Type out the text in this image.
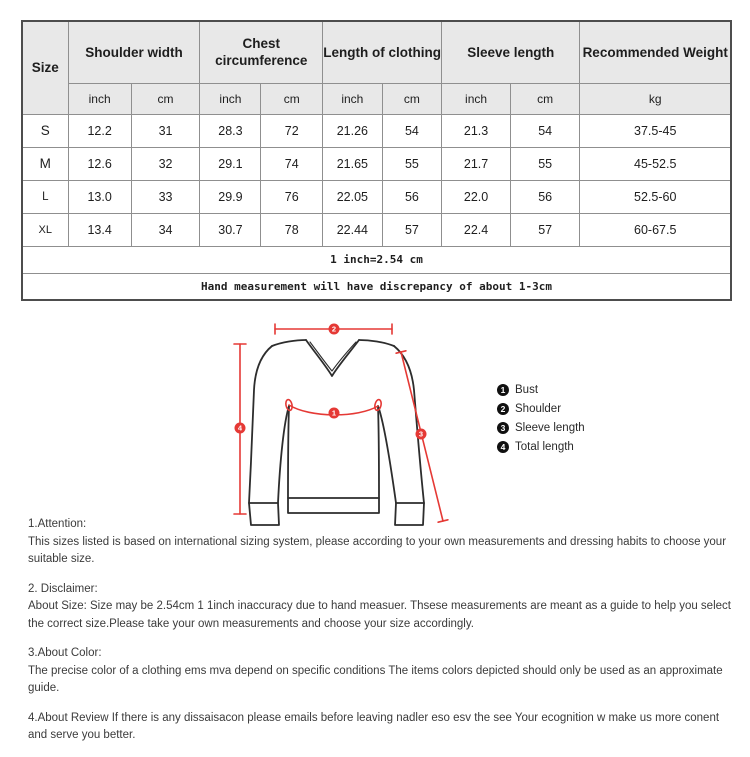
Size	Shoulder width		Chest circumference		Length of clothing		Sleeve length		Recommended Weight
	inch	cm	inch	cm	inch	cm	inch	cm	kg
S	12.2	31	28.3	72	21.26	54	21.3	54	37.5-45
M	12.6	32	29.1	74	21.65	55	21.7	55	45-52.5
L	13.0	33	29.9	76	22.05	56	22.0	56	52.5-60
XL	13.4	34	30.7	78	22.44	57	22.4	57	60-67.5
1 inch=2.54 cm									
Hand measurement will have discrepancy of about 1-3cm									
1
2
3
4
1 Bust
2 Shoulder
3 Sleeve length
4 Total length

1.Attention:

This sizes listed is based on international sizing system, please according to your own measurements and dressing habits to choose your suitable size.

2. Disclaimer:

About Size: Size may be 2.54cm 1 1inch inaccuracy due to hand measuer. Thsese measurements are meant as a guide to help you select the correct size.Please take your own measurements and choose your size accordingly.

3.About Color:

The precise color of a clothing ems mva depend on specific conditions The items colors depicted should only be used as an approximate guide.

4.About Review If there is any dissaisacon please emails before leaving nadler eso esv the see Your ecognition w make us more conent and serve you better.
